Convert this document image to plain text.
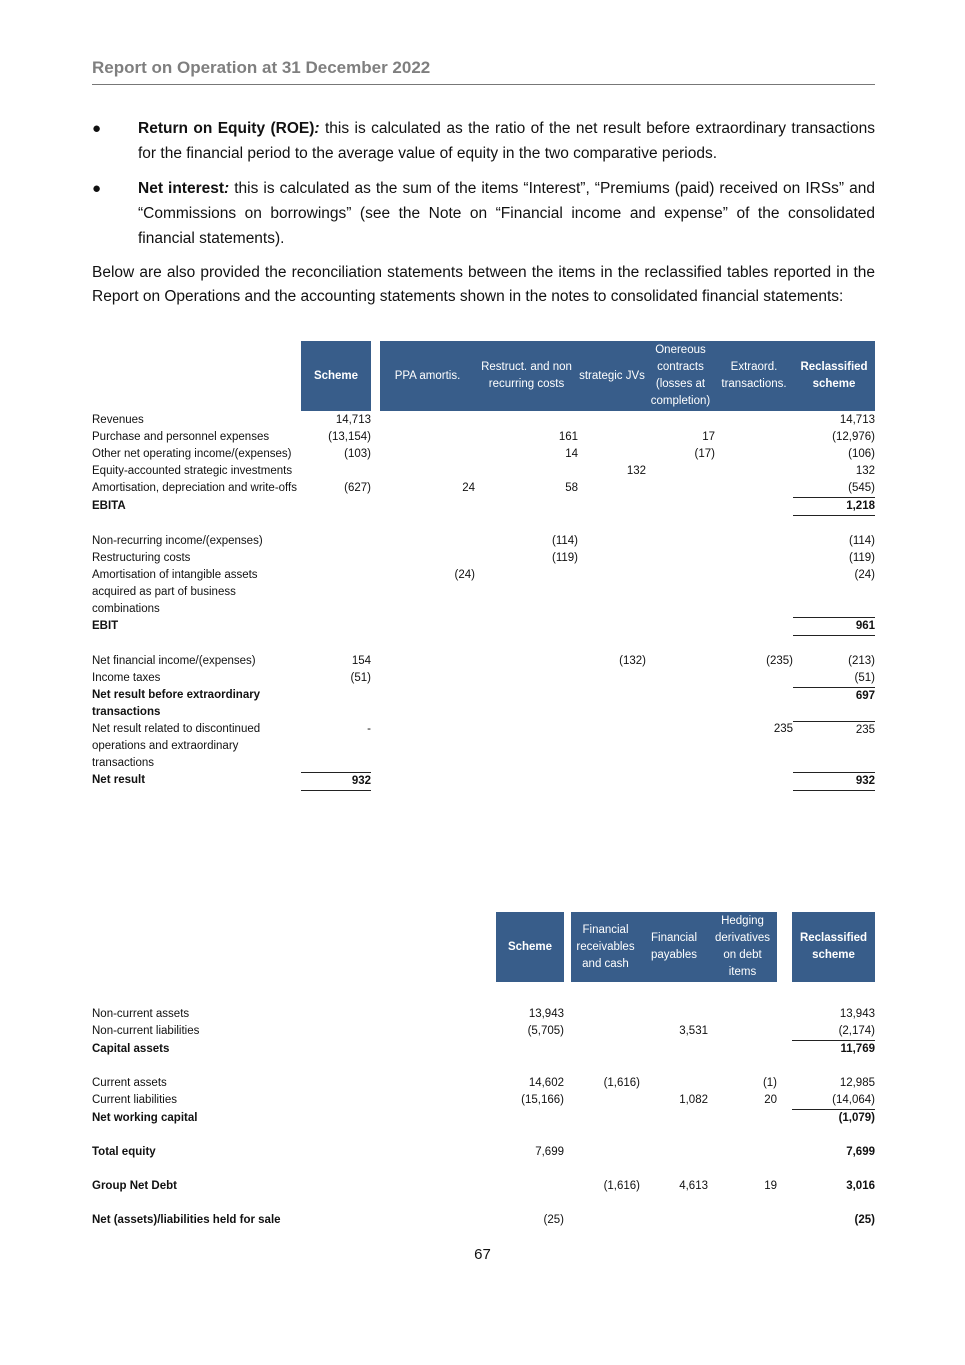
Report on Operation at 31 December 2022
● Return on Equity (ROE): this is calculated as the ratio of the net result before extraordinary transactions for the financial period to the average value of equity in the two comparative periods.
● Net interest: this is calculated as the sum of the items “Interest”, “Premiums (paid) received on IRSs” and “Commissions on borrowings” (see the Note on “Financial income and expense” of the consolidated financial statements).
Below are also provided the reconciliation statements between the items in the reclassified tables reported in the Report on Operations and the accounting statements shown in the notes to consolidated financial statements:
	Scheme		PPA amortis.	Restruct. and non recurring costs	strategic JVs	Onereous contracts (losses at completion)	Extraord. transactions.	Reclassified scheme

Revenues	14,713							14,713
Purchase and personnel expenses	(13,154)			161		17		(12,976)
Other net operating income/(expenses)	(103)			14		(17)		(106)
Equity-accounted strategic investments					132			132
Amortisation, depreciation and write-offs	(627)		24	58				(545)
EBITA								1,218

Non-recurring income/(expenses)				(114)				(114)
Restructuring costs				(119)				(119)
Amortisation of intangible assets acquired as part of business combinations			(24)					(24)
EBIT								961

Net financial income/(expenses)	154				(132)		(235)	(213)
Income taxes	(51)							(51)
Net result before extraordinary transactions								697
Net result related to discontinued operations and extraordinary transactions	-						235	235
Net result	932							932
	Scheme		Financial receivables and cash	Financial payables	Hedging derivatives on debt items		Reclassified scheme

Non-current assets	13,943						13,943
Non-current liabilities	(5,705)			3,531			(2,174)
Capital assets							11,769

Current assets	14,602		(1,616)		(1)		12,985
Current liabilities	(15,166)			1,082	20		(14,064)
Net working capital							(1,079)

Total equity	7,699						7,699

Group Net Debt			(1,616)	4,613	19		3,016

Net (assets)/liabilities held for sale	(25)						(25)
67
